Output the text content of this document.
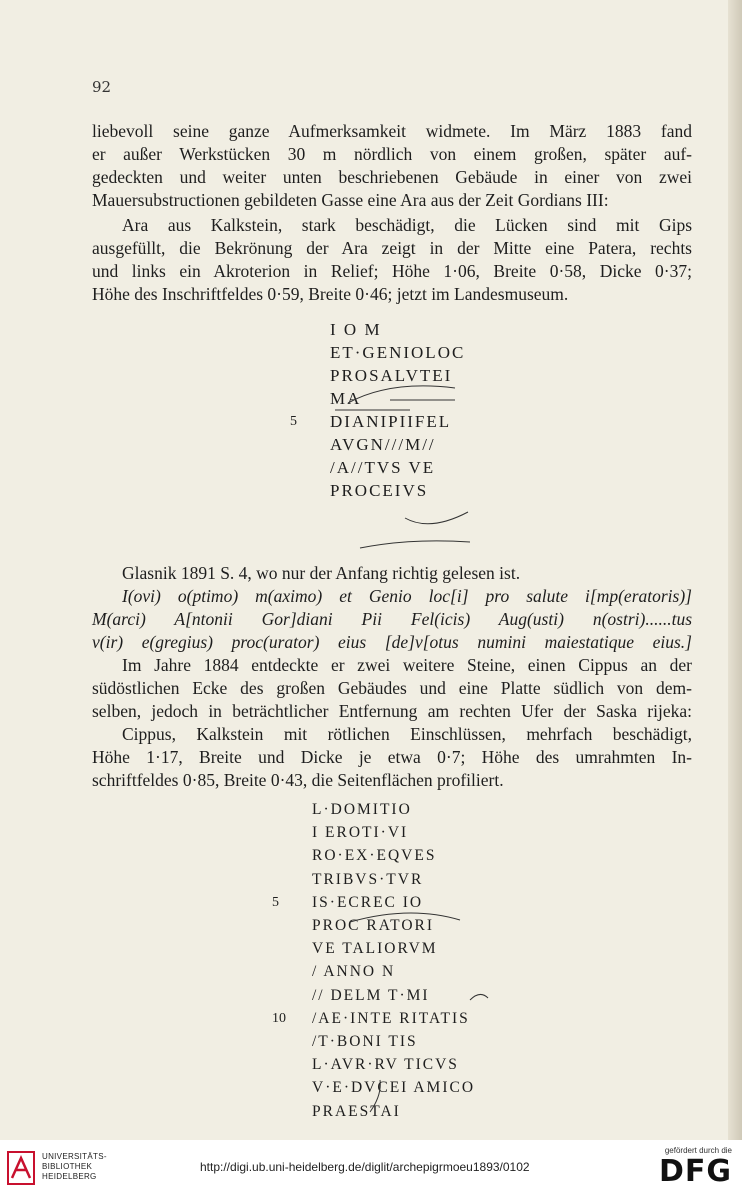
92
liebevoll seine ganze Aufmerksamkeit widmete. Im März 1883 fand
er außer Werkstücken 30 m nördlich von einem großen, später auf-
gedeckten und weiter unten beschriebenen Gebäude in einer von zwei
Mauersubstructionen gebildeten Gasse eine Ara aus der Zeit Gordians III:
Ara aus Kalkstein, stark beschädigt, die Lücken sind mit Gips
ausgefüllt, die Bekrönung der Ara zeigt in der Mitte eine Patera, rechts
und links ein Akroterion in Relief; Höhe 1·06, Breite 0·58, Dicke 0·37;
Höhe des Inschriftfeldes 0·59, Breite 0·46; jetzt im Landesmuseum.
I O M
ET·GENIOLOC
PROSALVTEI
MA
5 DIANIPIIFEL
AVGN///M//
/A//TVS VE
PROCEIVS
Glasnik 1891 S. 4, wo nur der Anfang richtig gelesen ist.
I(ovi) o(ptimo) m(aximo) et Genio loc[i] pro salute i[mp(eratoris)]
M(arci) A[ntonii Gor]diani Pii Fel(icis) Aug(usti) n(ostri)......tus
v(ir) e(gregius) proc(urator) eius [de]v[otus numini maiestatique eius.]
Im Jahre 1884 entdeckte er zwei weitere Steine, einen Cippus an der
südöstlichen Ecke des großen Gebäudes und eine Platte südlich von dem-
selben, jedoch in beträchtlicher Entfernung am rechten Ufer der Saska rijeka:
Cippus, Kalkstein mit rötlichen Einschlüssen, mehrfach beschädigt,
Höhe 1·17, Breite und Dicke je etwa 0·7; Höhe des umrahmten In-
schriftfeldes 0·85, Breite 0·43, die Seitenflächen profiliert.
L·DOMITIO
I EROTI·VI
RO·EX·EQVES
TRIBVS·TVR
5 IS·ECREC IO
PROC RATORI
VE TALIORVM
/ ANNO N
// DELM T·MI
10 /AE·INTE RITATIS
/T·BONI TIS
L·AVR·RV TICVS
V·E·DVCEI AMICO
PRAESTAI
UNIVERSITÄTS-
BIBLIOTHEK
HEIDELBERG
http://digi.ub.uni-heidelberg.de/diglit/archepigrmoeu1893/0102
gefördert durch die
DFG
